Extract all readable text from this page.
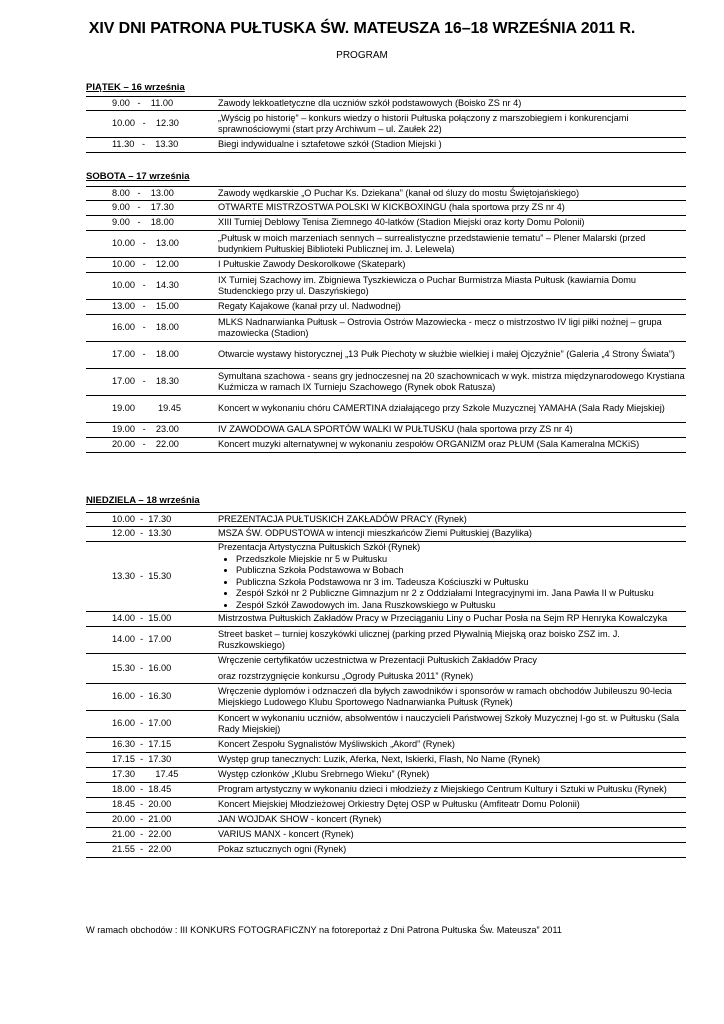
XIV DNI PATRONA PUŁTUSKA ŚW. MATEUSZA 16–18 WRZEŚNIA 2011 R.
PROGRAM
PIĄTEK – 16 września
9.00   -    11.00	Zawody lekkoatletyczne dla uczniów szkół podstawowych (Boisko ZS nr 4)
10.00   -    12.30
„Wyścig po historię” – konkurs wiedzy o historii Pułtuska połączony z marszobiegiem i konkurencjami sprawnościowymi (start przy Archiwum – ul. Zaułek 22)
11.30   -    13.30	Biegi indywidualne i sztafetowe szkół (Stadion Miejski )
SOBOTA – 17 września
8.00   -    13.00	Zawody wędkarskie „O Puchar Ks. Dziekana” (kanał od śluzy do mostu Świętojańskiego)
9.00   -    17.30	OTWARTE MISTRZOSTWA POLSKI W KICKBOXINGU (hala sportowa przy ZS nr 4)
9.00   -    18.00	XIII Turniej Deblowy Tenisa Ziemnego 40-latków (Stadion Miejski oraz korty Domu Polonii)
10.00   -    13.00
„Pułtusk w moich marzeniach sennych – surrealistyczne przedstawienie tematu” – Plener Malarski (przed budynkiem Pułtuskiej Biblioteki Publicznej im. J. Lelewela)
10.00   -    12.00	I Pułtuskie Zawody Deskorolkowe (Skatepark)
10.00   -    14.30
IX Turniej Szachowy im. Zbigniewa Tyszkiewicza o Puchar Burmistrza Miasta Pułtusk (kawiarnia Domu Studenckiego przy ul. Daszyńskiego)
13.00   -    15.00	Regaty Kajakowe (kanał przy ul. Nadwodnej)
16.00   -    18.00
MLKS Nadnarwianka Pułtusk – Ostrovia Ostrów Mazowiecka - mecz o mistrzostwo IV ligi piłki nożnej – grupa mazowiecka (Stadion)
17.00   -    18.00	Otwarcie wystawy historycznej „13 Pułk Piechoty w służbie wielkiej i małej Ojczyźnie” (Galeria „4 Strony Świata”)
17.00   -    18.30
Symultana szachowa - seans gry jednoczesnej na 20 szachownicach w wyk. mistrza międzynarodowego Krystiana Kuźmicza w ramach IX Turnieju Szachowego (Rynek obok Ratusza)
19.00         19.45	Koncert w wykonaniu chóru CAMERTINA działającego przy Szkole Muzycznej YAMAHA (Sala Rady Miejskiej)
19.00   -    23.00	IV ZAWODOWA GALA SPORTÓW WALKI W PUŁTUSKU (hala sportowa przy ZS nr 4)
20.00   -    22.00	Koncert muzyki alternatywnej w wykonaniu zespołów ORGANIZM oraz PŁUM (Sala Kameralna MCKiS)
NIEDZIELA – 18 września
10.00  -  17.30	PREZENTACJA PUŁTUSKICH ZAKŁADÓW PRACY (Rynek)
12.00  -  13.30	MSZA ŚW. ODPUSTOWA w intencji mieszkańców Ziemi Pułtuskiej (Bazylika)
13.30  -  15.30
Prezentacja Artystyczna Pułtuskich Szkół (Rynek)
• Przedszkole Miejskie nr 5 w Pułtusku
• Publiczna Szkoła Podstawowa w Bobach
• Publiczna Szkoła Podstawowa nr 3 im. Tadeusza Kościuszki w Pułtusku
• Zespół Szkół nr 2 Publiczne Gimnazjum nr 2 z Oddziałami Integracyjnymi im. Jana Pawła II w Pułtusku
• Zespół Szkół Zawodowych im. Jana Ruszkowskiego w Pułtusku
14.00  -  15.00	Mistrzostwa Pułtuskich Zakładów Pracy w Przeciąganiu Liny o Puchar Posła na Sejm RP Henryka Kowalczyka
14.00  -  17.00
Street basket – turniej koszykówki ulicznej (parking przed Pływalnią Miejską oraz boisko ZSZ im. J. Ruszkowskiego)
15.30  -  16.00
Wręczenie certyfikatów uczestnictwa w Prezentacji Pułtuskich Zakładów Pracy
oraz rozstrzygnięcie konkursu „Ogrody Pułtuska 2011” (Rynek)
16.00  -  16.30
Wręczenie dyplomów i odznaczeń dla byłych zawodników i sponsorów w ramach obchodów Jubileuszu 90-lecia Miejskiego Ludowego Klubu Sportowego Nadnarwianka Pułtusk (Rynek)
16.00  -  17.00
Koncert w wykonaniu uczniów, absolwentów i nauczycieli Państwowej Szkoły Muzycznej I-go st. w Pułtusku (Sala Rady Miejskiej)
16.30  -  17.15	Koncert Zespołu Sygnalistów Myśliwskich „Akord” (Rynek)
17.15  -  17.30	Występ grup tanecznych: Luzik, Aferka, Next, Iskierki, Flash, No Name (Rynek)
17.30        17.45	Występ członków „Klubu Srebrnego Wieku” (Rynek)
18.00  -  18.45	Program artystyczny w wykonaniu dzieci i młodzieży z Miejskiego Centrum Kultury i Sztuki w Pułtusku (Rynek)
18.45  -  20.00	Koncert Miejskiej Młodzieżowej Orkiestry Dętej OSP w Pułtusku (Amfiteatr Domu Polonii)
20.00  -  21.00	JAN WOJDAK SHOW - koncert (Rynek)
21.00  -  22.00	VARIUS MANX - koncert (Rynek)
21.55  -  22.00	Pokaz sztucznych ogni (Rynek)
W ramach obchodów : III KONKURS FOTOGRAFICZNY na fotoreportaż z Dni Patrona Pułtuska Św. Mateusza” 2011
